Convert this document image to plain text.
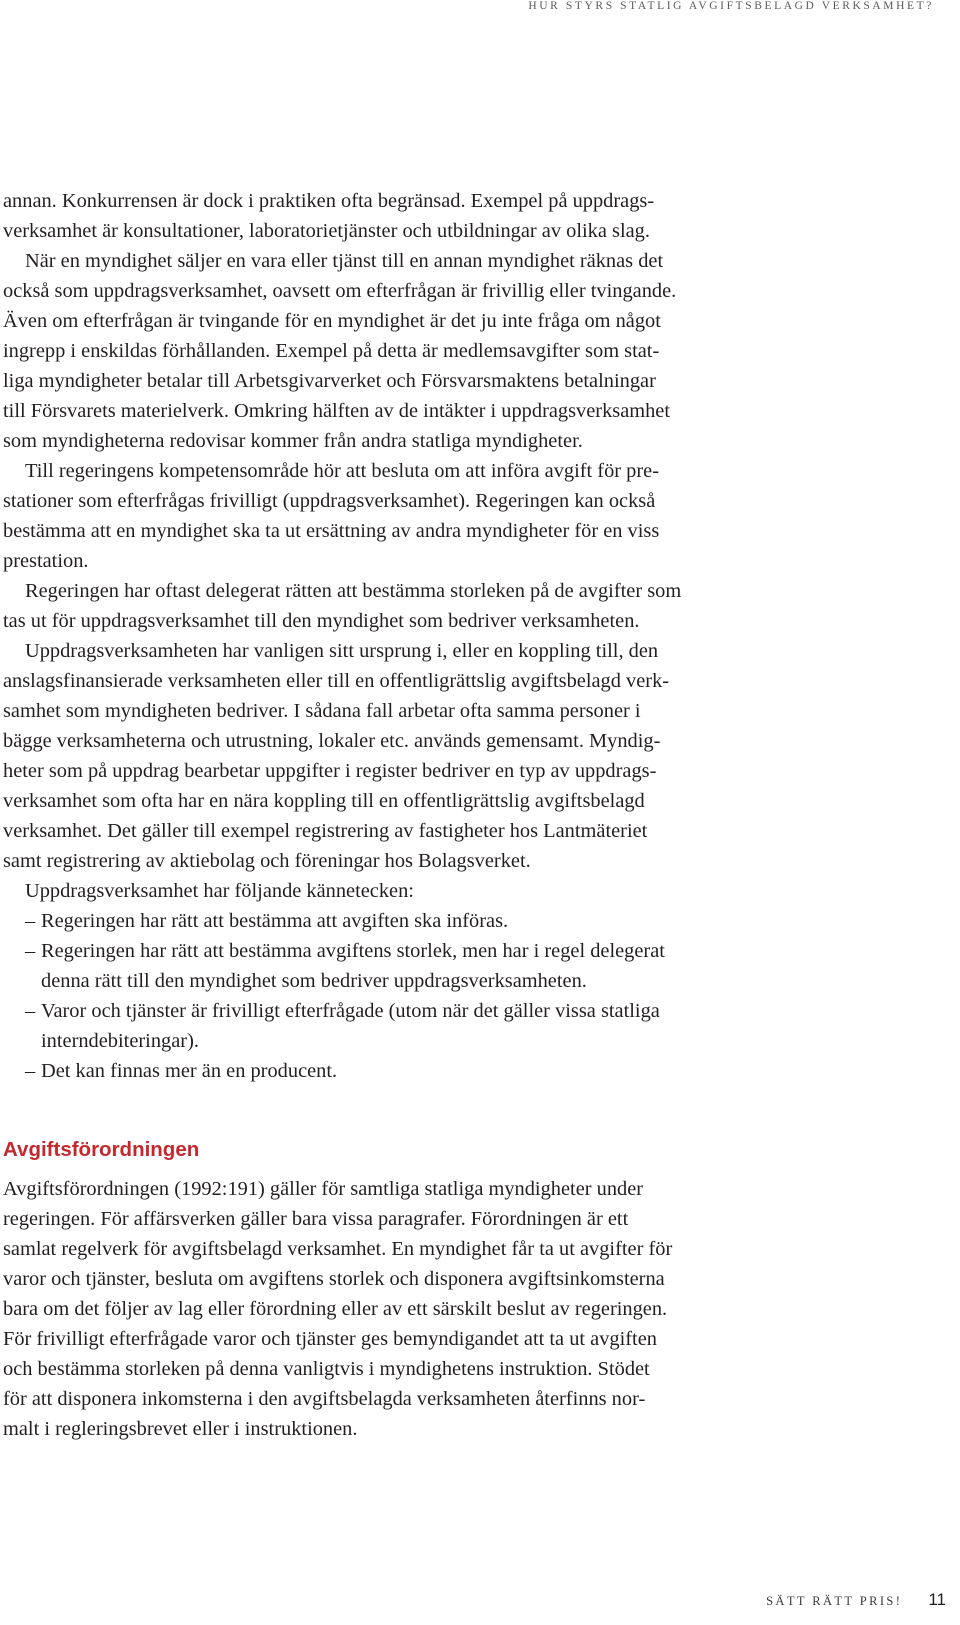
HUR STYRS STATLIG AVGIFTSBELAGD VERKSAMHET?
annan. Konkurrensen är dock i praktiken ofta begränsad. Exempel på uppdrags-
verksamhet är konsultationer, laboratorietjänster och utbildningar av olika slag.
När en myndighet säljer en vara eller tjänst till en annan myndighet räknas det
också som uppdragsverksamhet, oavsett om efterfrågan är frivillig eller tvingande.
Även om efterfrågan är tvingande för en myndighet är det ju inte fråga om något
ingrepp i enskildas förhållanden. Exempel på detta är medlemsavgifter som stat-
liga myndigheter betalar till Arbetsgivarverket och Försvarsmaktens betalningar
till Försvarets materielverk. Omkring hälften av de intäkter i uppdragsverksamhet
som myndigheterna redovisar kommer från andra statliga myndigheter.
Till regeringens kompetensområde hör att besluta om att införa avgift för pre-
stationer som efterfrågas frivilligt (uppdragsverksamhet). Regeringen kan också
bestämma att en myndighet ska ta ut ersättning av andra myndigheter för en viss
prestation.
Regeringen har oftast delegerat rätten att bestämma storleken på de avgifter som
tas ut för uppdragsverksamhet till den myndighet som bedriver verksamheten.
Uppdragsverksamheten har vanligen sitt ursprung i, eller en koppling till, den
anslagsfinansierade verksamheten eller till en offentligrättslig avgiftsbelagd verk-
samhet som myndigheten bedriver. I sådana fall arbetar ofta samma personer i
bägge verksamheterna och utrustning, lokaler etc. används gemensamt. Myndig-
heter som på uppdrag bearbetar uppgifter i register bedriver en typ av uppdrags-
verksamhet som ofta har en nära koppling till en offentligrättslig avgiftsbelagd
verksamhet. Det gäller till exempel registrering av fastigheter hos Lantmäteriet
samt registrering av aktiebolag och föreningar hos Bolagsverket.
Uppdragsverksamhet har följande kännetecken:
– Regeringen har rätt att bestämma att avgiften ska införas.
– Regeringen har rätt att bestämma avgiftens storlek, men har i regel delegerat
denna rätt till den myndighet som bedriver uppdragsverksamheten.
– Varor och tjänster är frivilligt efterfrågade (utom när det gäller vissa statliga
interndebiteringar).
– Det kan finnas mer än en producent.
Avgiftsförordningen
Avgiftsförordningen (1992:191) gäller för samtliga statliga myndigheter under
regeringen. För affärsverken gäller bara vissa paragrafer. Förordningen är ett
samlat regelverk för avgiftsbelagd verksamhet. En myndighet får ta ut avgifter för
varor och tjänster, besluta om avgiftens storlek och disponera avgiftsinkomsterna
bara om det följer av lag eller förordning eller av ett särskilt beslut av regeringen.
För frivilligt efterfrågade varor och tjänster ges bemyndigandet att ta ut avgiften
och bestämma storleken på denna vanligtvis i myndighetens instruktion. Stödet
för att disponera inkomsterna i den avgiftsbelagda verksamheten återfinns nor-
malt i regleringsbrevet eller i instruktionen.
SÄTT RÄTT PRIS! 11
